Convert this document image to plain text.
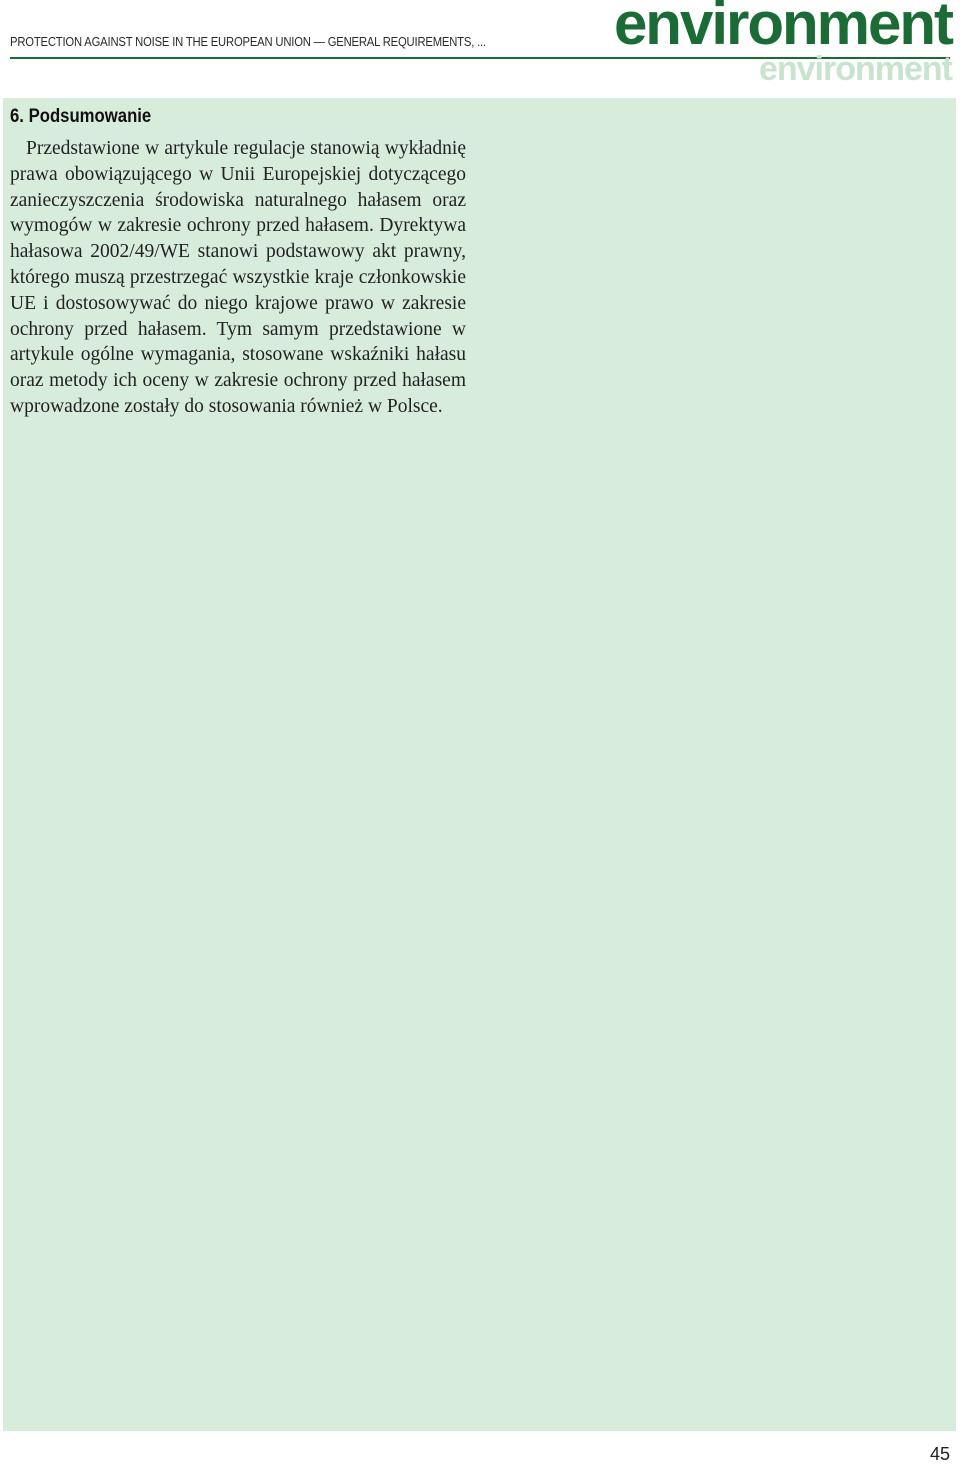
PROTECTION AGAINST NOISE IN THE EUROPEAN UNION — GENERAL REQUIREMENTS, ... environment
environment
6. Podsumowanie

Przedstawione w artykule regulacje stanowią wykładnię prawa obowiązującego w Unii Europejskiej dotyczącego zanieczyszczenia środowiska naturalnego hałasem oraz wymogów w zakresie ochrony przed hałasem. Dyrektywa hałasowa 2002/49/WE stanowi podstawowy akt prawny, którego muszą przestrzegać wszystkie kraje członkowskie UE i dostosowywać do niego krajowe prawo w zakresie ochrony przed hałasem. Tym samym przedstawione w artykule ogólne wymagania, stosowane wskaźniki hałasu oraz metody ich oceny w zakresie ochrony przed hałasem wprowadzone zostały do stosowania również w Polsce.

45
